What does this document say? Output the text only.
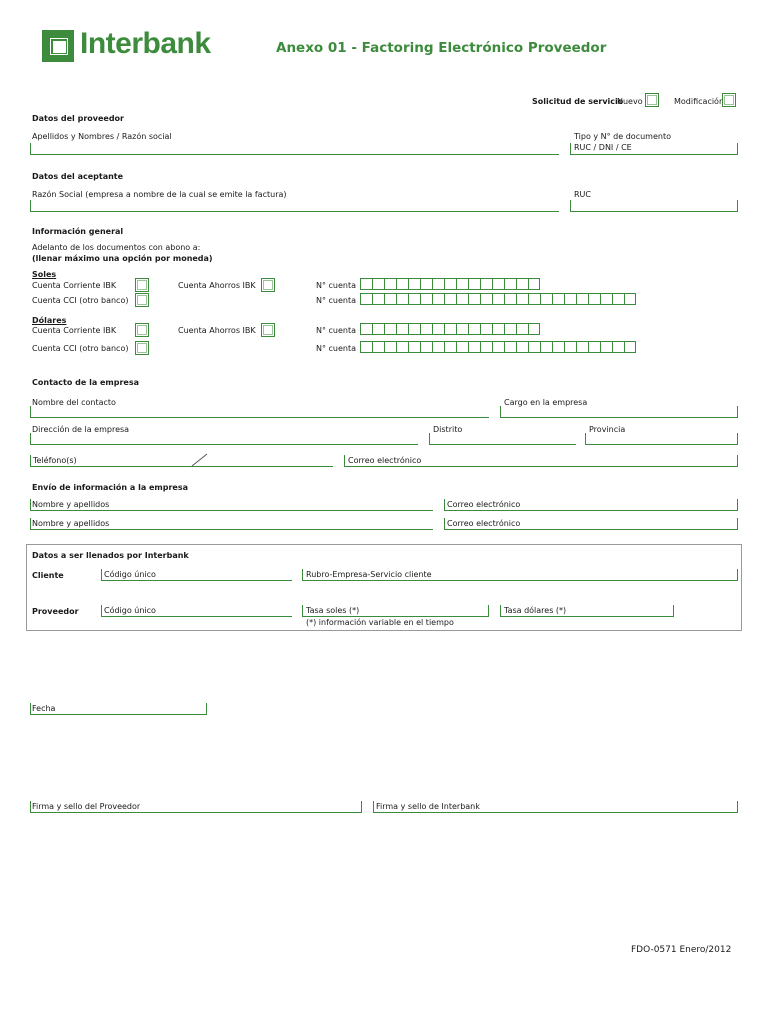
Interbank	Anexo 01 - Factoring Electrónico Proveedor
Solicitud de servicio
Nuevo	Modificación
Datos del proveedor
Apellidos y Nombres / Razón social	Tipo y N° de documento
RUC / DNI / CE
Datos del aceptante
Razón Social (empresa a nombre de la cual se emite la factura)	RUC
Información general
Adelanto de los documentos con abono a:
(llenar máximo una opción por moneda)
Soles
Cuenta Corriente IBK	Cuenta Ahorros IBK	N° cuenta
Cuenta CCI (otro banco)	N° cuenta
Dólares
Cuenta Corriente IBK	Cuenta Ahorros IBK	N° cuenta
Cuenta CCI (otro banco)	N° cuenta
Contacto de la empresa
Nombre del contacto	Cargo en la empresa
Dirección de la empresa	Distrito	Provincia
Teléfono(s)	Correo electrónico
Envío de información a la empresa
Nombre y apellidos	Correo electrónico
Nombre y apellidos	Correo electrónico
Datos a ser llenados por Interbank
Cliente	Código único	Rubro-Empresa-Servicio cliente
Proveedor	Código único	Tasa soles (*)	Tasa dólares (*)
(*) información variable en el tiempo
Fecha
Firma y sello del Proveedor	Firma y sello de Interbank
FDO-0571 Enero/2012
